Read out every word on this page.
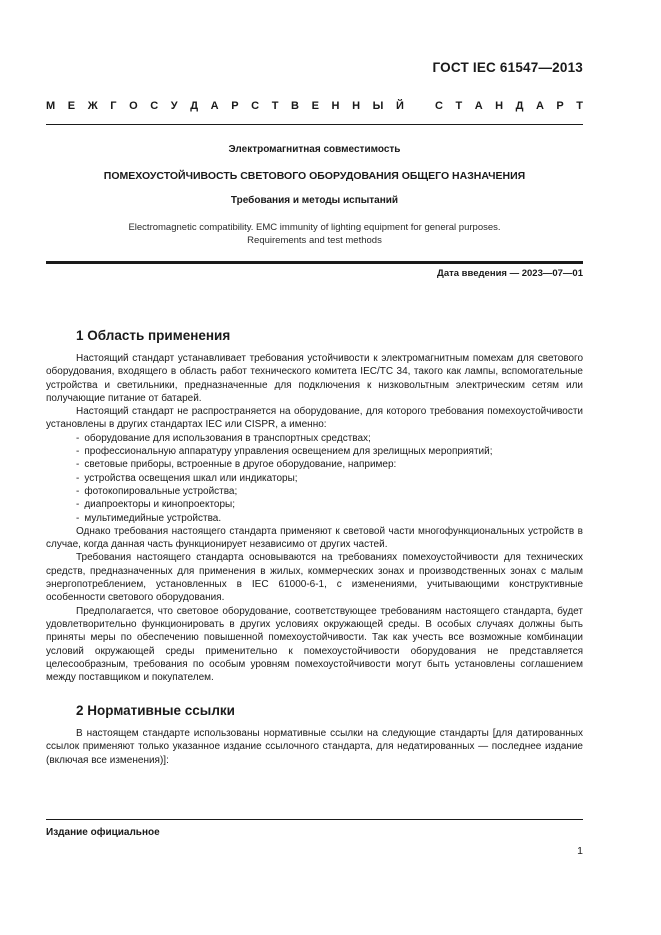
ГОСТ IEC 61547—2013
М Е Ж Г О С У Д А Р С Т В Е Н Н Ы Й	С Т А Н Д А Р Т
Электромагнитная совместимость
ПОМЕХОУСТОЙЧИВОСТЬ СВЕТОВОГО ОБОРУДОВАНИЯ ОБЩЕГО НАЗНАЧЕНИЯ
Требования и методы испытаний
Electromagnetic compatibility. EMC immunity of lighting equipment for general purposes.
Requirements and test methods
Дата введения — 2023—07—01
1 Область применения

Настоящий стандарт устанавливает требования устойчивости к электромагнитным помехам для светового оборудования, входящего в область работ технического комитета IEC/TC 34, такого как лампы, вспомогательные устройства и светильники, предназначенные для подключения к низковольтным электрическим сетям или получающие питание от батарей.

Настоящий стандарт не распространяется на оборудование, для которого требования помехоустойчивости установлены в других стандартах IEC или CISPR, а именно:

- оборудование для использования в транспортных средствах;
- профессиональную аппаратуру управления освещением для зрелищных мероприятий;
- световые приборы, встроенные в другое оборудование, например:
- устройства освещения шкал или индикаторы;
- фотокопировальные устройства;
- диапроекторы и кинопроекторы;
- мультимедийные устройства.

Однако требования настоящего стандарта применяют к световой части многофункциональных устройств в случае, когда данная часть функционирует независимо от других частей.

Требования настоящего стандарта основываются на требованиях помехоустойчивости для технических средств, предназначенных для применения в жилых, коммерческих зонах и производственных зонах с малым энергопотреблением, установленных в IEC 61000-6-1, с изменениями, учитывающими конструктивные особенности светового оборудования.

Предполагается, что световое оборудование, соответствующее требованиям настоящего стандарта, будет удовлетворительно функционировать в других условиях окружающей среды. В особых случаях должны быть приняты меры по обеспечению повышенной помехоустойчивости. Так как учесть все возможные комбинации условий окружающей среды применительно к помехоустойчивости оборудования не представляется целесообразным, требования по особым уровням помехоустойчивости могут быть установлены соглашением между поставщиком и покупателем.

2 Нормативные ссылки

В настоящем стандарте использованы нормативные ссылки на следующие стандарты [для датированных ссылок применяют только указанное издание ссылочного стандарта, для недатированных — последнее издание (включая все изменения)]:

Издание официальное
1
